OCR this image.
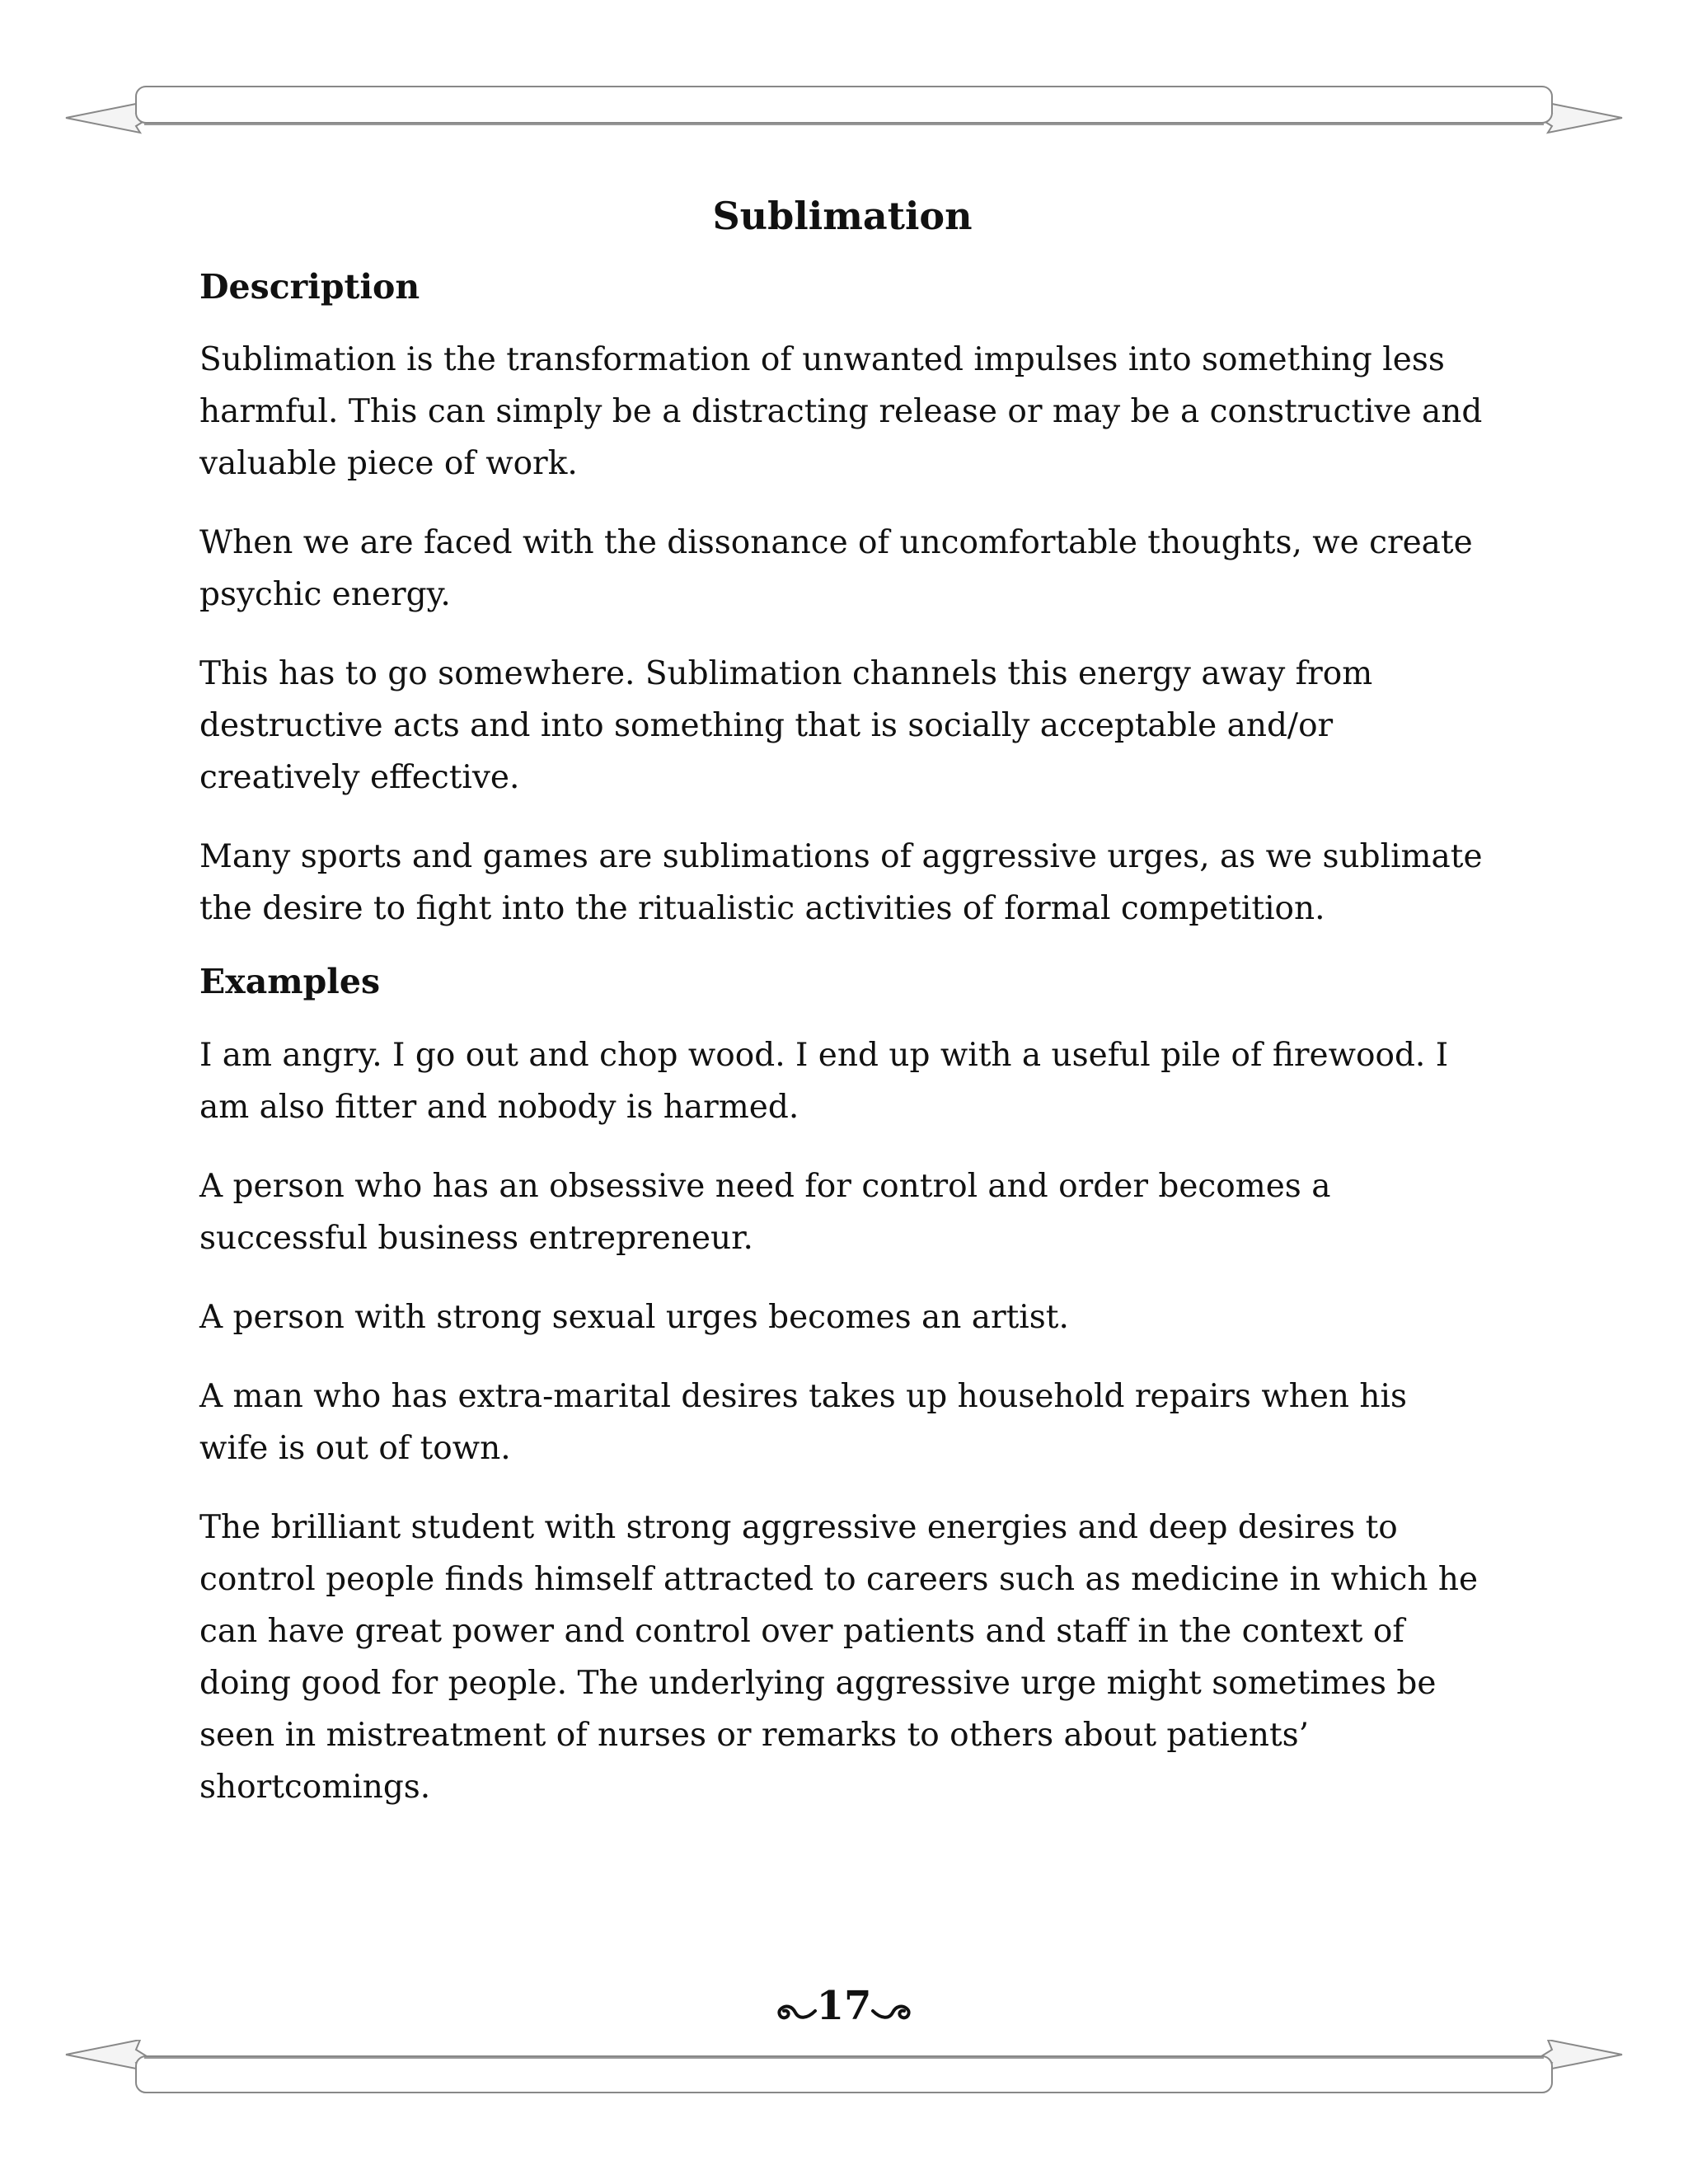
Sublimation
Description

Sublimation is the transformation of unwanted impulses into something less harmful. This can simply be a distracting release or may be a constructive and valuable piece of work.

When we are faced with the dissonance of uncomfortable thoughts, we create psychic energy.

This has to go somewhere. Sublimation channels this energy away from destructive acts and into something that is socially acceptable and/or creatively effective.

Many sports and games are sublimations of aggressive urges, as we sublimate the desire to fight into the ritualistic activities of formal competition.

Examples

I am angry. I go out and chop wood. I end up with a useful pile of firewood. I am also fitter and nobody is harmed.

A person who has an obsessive need for control and order becomes a successful business entrepreneur.

A person with strong sexual urges becomes an artist.

A man who has extra-marital desires takes up household repairs when his wife is out of town.

The brilliant student with strong aggressive energies and deep desires to control people finds himself attracted to careers such as medicine in which he can have great power and control over patients and staff in the context of doing good for people. The underlying aggressive urge might sometimes be seen in mistreatment of nurses or remarks to others about patients’ shortcomings.

17
